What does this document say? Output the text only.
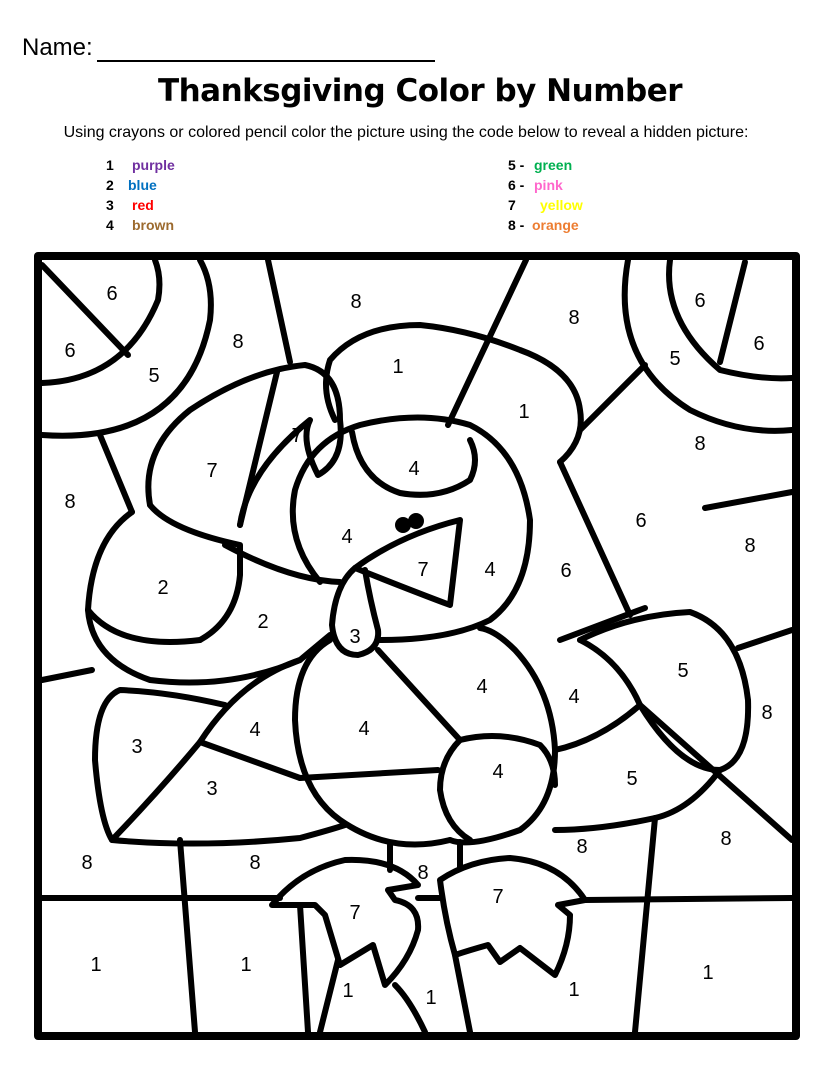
Name:
Thanksgiving Color by Number
Using crayons or colored pencil color the picture using the code below to reveal a hidden picture:
1 purple
2 blue
3 red
4 brown
5 - green
6 - pink
7 yellow
8 - orange
6
6
5
8
8
1
8
6
6
5
1
7
7	4
8
8
4
7	4	6
6
8
2
2
3
4	4
5
8
4
3
4
5
3
4
8	8
8	8
8
7
7
1	1	1
1	1	1
